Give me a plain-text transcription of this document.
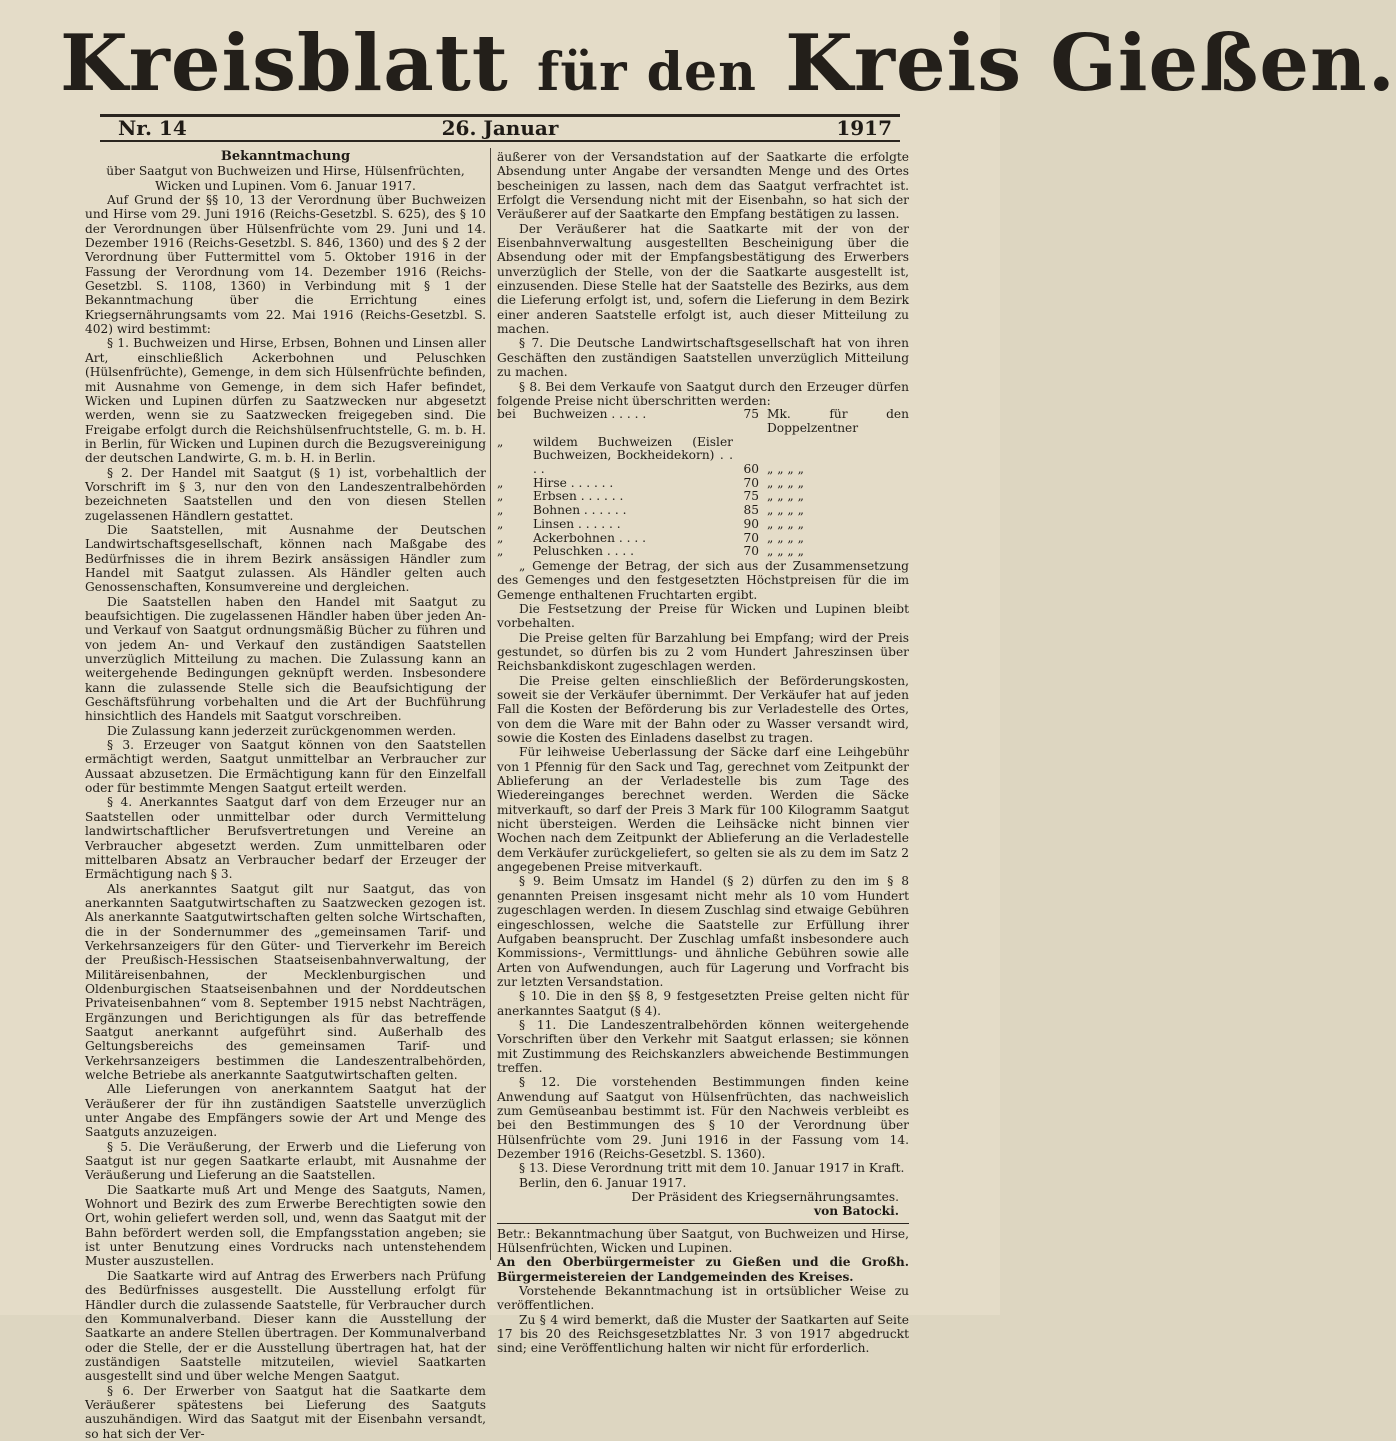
Kreisblatt für den Kreis Gießen.
Nr. 14	26. Januar	1917

Bekanntmachung

über Saatgut von Buchweizen und Hirse, Hülsenfrüchten, Wicken und Lupinen. Vom 6. Januar 1917.

Auf Grund der §§ 10, 13 der Verordnung über Buchweizen und Hirse vom 29. Juni 1916 (Reichs-Gesetzbl. S. 625), des § 10 der Verordnungen über Hülsenfrüchte vom 29. Juni und 14. Dezember 1916 (Reichs-Gesetzbl. S. 846, 1360) und des § 2 der Verordnung über Futtermittel vom 5. Oktober 1916 in der Fassung der Verordnung vom 14. Dezember 1916 (Reichs-Gesetzbl. S. 1108, 1360) in Verbindung mit § 1 der Bekanntmachung über die Errichtung eines Kriegsernährungsamts vom 22. Mai 1916 (Reichs-Gesetzbl. S. 402) wird bestimmt:

§ 1. Buchweizen und Hirse, Erbsen, Bohnen und Linsen aller Art, einschließlich Ackerbohnen und Peluschken (Hülsenfrüchte), Gemenge, in dem sich Hülsenfrüchte befinden, mit Ausnahme von Gemenge, in dem sich Hafer befindet, Wicken und Lupinen dürfen zu Saatzwecken nur abgesetzt werden, wenn sie zu Saatzwecken freigegeben sind. Die Freigabe erfolgt durch die Reichshülsenfruchtstelle, G. m. b. H. in Berlin, für Wicken und Lupinen durch die Bezugsvereinigung der deutschen Landwirte, G. m. b. H. in Berlin.

§ 2. Der Handel mit Saatgut (§ 1) ist, vorbehaltlich der Vorschrift im § 3, nur den von den Landeszentralbehörden bezeichneten Saatstellen und den von diesen Stellen zugelassenen Händlern gestattet.

Die Saatstellen, mit Ausnahme der Deutschen Landwirtschaftsgesellschaft, können nach Maßgabe des Bedürfnisses die in ihrem Bezirk ansässigen Händler zum Handel mit Saatgut zulassen. Als Händler gelten auch Genossenschaften, Konsumvereine und dergleichen.

Die Saatstellen haben den Handel mit Saatgut zu beaufsichtigen. Die zugelassenen Händler haben über jeden An- und Verkauf von Saatgut ordnungsmäßig Bücher zu führen und von jedem An- und Verkauf den zuständigen Saatstellen unverzüglich Mitteilung zu machen. Die Zulassung kann an weitergehende Bedingungen geknüpft werden. Insbesondere kann die zulassende Stelle sich die Beaufsichtigung der Geschäftsführung vorbehalten und die Art der Buchführung hinsichtlich des Handels mit Saatgut vorschreiben.

Die Zulassung kann jederzeit zurückgenommen werden.

§ 3. Erzeuger von Saatgut können von den Saatstellen ermächtigt werden, Saatgut unmittelbar an Verbraucher zur Aussaat abzusetzen. Die Ermächtigung kann für den Einzelfall oder für bestimmte Mengen Saatgut erteilt werden.

§ 4. Anerkanntes Saatgut darf von dem Erzeuger nur an Saatstellen oder unmittelbar oder durch Vermittelung landwirtschaftlicher Berufsvertretungen und Vereine an Verbraucher abgesetzt werden. Zum unmittelbaren oder mittelbaren Absatz an Verbraucher bedarf der Erzeuger der Ermächtigung nach § 3.

Als anerkanntes Saatgut gilt nur Saatgut, das von anerkannten Saatgutwirtschaften zu Saatzwecken gezogen ist. Als anerkannte Saatgutwirtschaften gelten solche Wirtschaften, die in der Sondernummer des „gemeinsamen Tarif- und Verkehrsanzeigers für den Güter- und Tierverkehr im Bereich der Preußisch-Hessischen Staatseisenbahnverwaltung, der Militäreisenbahnen, der Mecklenburgischen und Oldenburgischen Staatseisenbahnen und der Norddeutschen Privateisenbahnen“ vom 8. September 1915 nebst Nachträgen, Ergänzungen und Berichtigungen als für das betreffende Saatgut anerkannt aufgeführt sind. Außerhalb des Geltungsbereichs des gemeinsamen Tarif- und Verkehrsanzeigers bestimmen die Landeszentralbehörden, welche Betriebe als anerkannte Saatgutwirtschaften gelten.

Alle Lieferungen von anerkanntem Saatgut hat der Veräußerer der für ihn zuständigen Saatstelle unverzüglich unter Angabe des Empfängers sowie der Art und Menge des Saatguts anzuzeigen.

§ 5. Die Veräußerung, der Erwerb und die Lieferung von Saatgut ist nur gegen Saatkarte erlaubt, mit Ausnahme der Veräußerung und Lieferung an die Saatstellen.

Die Saatkarte muß Art und Menge des Saatguts, Namen, Wohnort und Bezirk des zum Erwerbe Berechtigten sowie den Ort, wohin geliefert werden soll, und, wenn das Saatgut mit der Bahn befördert werden soll, die Empfangsstation angeben; sie ist unter Benutzung eines Vordrucks nach untenstehendem Muster auszustellen.

Die Saatkarte wird auf Antrag des Erwerbers nach Prüfung des Bedürfnisses ausgestellt. Die Ausstellung erfolgt für Händler durch die zulassende Saatstelle, für Verbraucher durch den Kommunalverband. Dieser kann die Ausstellung der Saatkarte an andere Stellen übertragen. Der Kommunalverband oder die Stelle, der er die Ausstellung übertragen hat, hat der zuständigen Saatstelle mitzuteilen, wieviel Saatkarten ausgestellt sind und über welche Mengen Saatgut.

§ 6. Der Erwerber von Saatgut hat die Saatkarte dem Veräußerer spätestens bei Lieferung des Saatguts auszuhändigen. Wird das Saatgut mit der Eisenbahn versandt, so hat sich der Ver-

äußerer von der Versandstation auf der Saatkarte die erfolgte Absendung unter Angabe der versandten Menge und des Ortes bescheinigen zu lassen, nach dem das Saatgut verfrachtet ist. Erfolgt die Versendung nicht mit der Eisenbahn, so hat sich der Veräußerer auf der Saatkarte den Empfang bestätigen zu lassen.

Der Veräußerer hat die Saatkarte mit der von der Eisenbahnverwaltung ausgestellten Bescheinigung über die Absendung oder mit der Empfangsbestätigung des Erwerbers unverzüglich der Stelle, von der die Saatkarte ausgestellt ist, einzusenden. Diese Stelle hat der Saatstelle des Bezirks, aus dem die Lieferung erfolgt ist, und, sofern die Lieferung in dem Bezirk einer anderen Saatstelle erfolgt ist, auch dieser Mitteilung zu machen.

§ 7. Die Deutsche Landwirtschaftsgesellschaft hat von ihren Geschäften den zuständigen Saatstellen unverzüglich Mitteilung zu machen.

§ 8. Bei dem Verkaufe von Saatgut durch den Erzeuger dürfen folgende Preise nicht überschritten werden:

bei	Buchweizen . . . . .	75	Mk. für den Doppelzentner
„	wildem Buchweizen (Eisler Buchweizen, Bockheidekorn) . . . .	60	„ „ „ „
„	Hirse . . . . . .	70	„ „ „ „
„	Erbsen . . . . . .	75	„ „ „ „
„	Bohnen . . . . . .	85	„ „ „ „
„	Linsen . . . . . .	90	„ „ „ „
„	Ackerbohnen . . . .	70	„ „ „ „
„	Peluschken . . . .	70	„ „ „ „

„ Gemenge der Betrag, der sich aus der Zusammensetzung des Gemenges und den festgesetzten Höchstpreisen für die im Gemenge enthaltenen Fruchtarten ergibt.

Die Festsetzung der Preise für Wicken und Lupinen bleibt vorbehalten.

Die Preise gelten für Barzahlung bei Empfang; wird der Preis gestundet, so dürfen bis zu 2 vom Hundert Jahreszinsen über Reichsbankdiskont zugeschlagen werden.

Die Preise gelten einschließlich der Beförderungskosten, soweit sie der Verkäufer übernimmt. Der Verkäufer hat auf jeden Fall die Kosten der Beförderung bis zur Verladestelle des Ortes, von dem die Ware mit der Bahn oder zu Wasser versandt wird, sowie die Kosten des Einladens daselbst zu tragen.

Für leihweise Ueberlassung der Säcke darf eine Leihgebühr von 1 Pfennig für den Sack und Tag, gerechnet vom Zeitpunkt der Ablieferung an der Verladestelle bis zum Tage des Wiedereinganges berechnet werden. Werden die Säcke mitverkauft, so darf der Preis 3 Mark für 100 Kilogramm Saatgut nicht übersteigen. Werden die Leihsäcke nicht binnen vier Wochen nach dem Zeitpunkt der Ablieferung an die Verladestelle dem Verkäufer zurückgeliefert, so gelten sie als zu dem im Satz 2 angegebenen Preise mitverkauft.

§ 9. Beim Umsatz im Handel (§ 2) dürfen zu den im § 8 genannten Preisen insgesamt nicht mehr als 10 vom Hundert zugeschlagen werden. In diesem Zuschlag sind etwaige Gebühren eingeschlossen, welche die Saatstelle zur Erfüllung ihrer Aufgaben beansprucht. Der Zuschlag umfaßt insbesondere auch Kommissions-, Vermittlungs- und ähnliche Gebühren sowie alle Arten von Aufwendungen, auch für Lagerung und Vorfracht bis zur letzten Versandstation.

§ 10. Die in den §§ 8, 9 festgesetzten Preise gelten nicht für anerkanntes Saatgut (§ 4).

§ 11. Die Landeszentralbehörden können weitergehende Vorschriften über den Verkehr mit Saatgut erlassen; sie können mit Zustimmung des Reichskanzlers abweichende Bestimmungen treffen.

§ 12. Die vorstehenden Bestimmungen finden keine Anwendung auf Saatgut von Hülsenfrüchten, das nachweislich zum Gemüseanbau bestimmt ist. Für den Nachweis verbleibt es bei den Bestimmungen des § 10 der Verordnung über Hülsenfrüchte vom 29. Juni 1916 in der Fassung vom 14. Dezember 1916 (Reichs-Gesetzbl. S. 1360).

§ 13. Diese Verordnung tritt mit dem 10. Januar 1917 in Kraft.

Berlin, den 6. Januar 1917.

Der Präsident des Kriegsernährungsamtes.

von Batocki.

Betr.: Bekanntmachung über Saatgut, von Buchweizen und Hirse, Hülsenfrüchten, Wicken und Lupinen.

An den Oberbürgermeister zu Gießen und die Großh. Bürgermeistereien der Landgemeinden des Kreises.

Vorstehende Bekanntmachung ist in ortsüblicher Weise zu veröffentlichen.

Zu § 4 wird bemerkt, daß die Muster der Saatkarten auf Seite 17 bis 20 des Reichsgesetzblattes Nr. 3 von 1917 abgedruckt sind; eine Veröffentlichung halten wir nicht für erforderlich.
